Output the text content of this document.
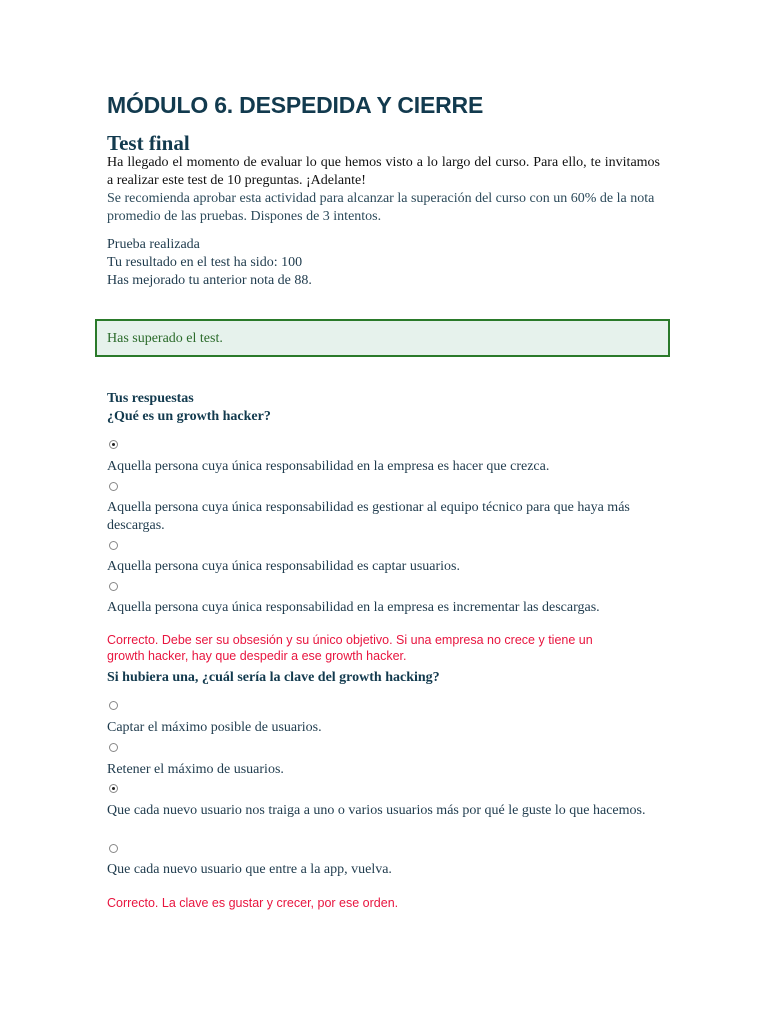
MÓDULO 6. DESPEDIDA Y CIERRE
Test final
Ha llegado el momento de evaluar lo que hemos visto a lo largo del curso. Para ello, te invitamos a realizar este test de 10 preguntas. ¡Adelante!
Se recomienda aprobar esta actividad para alcanzar la superación del curso con un 60% de la nota promedio de las pruebas. Dispones de 3 intentos.
Prueba realizada
Tu resultado en el test ha sido: 100
Has mejorado tu anterior nota de 88.
Tus respuestas
¿Qué es un growth hacker?
Aquella persona cuya única responsabilidad en la empresa es hacer que crezca.
Aquella persona cuya única responsabilidad es gestionar al equipo técnico para que haya más descargas.
Aquella persona cuya única responsabilidad es captar usuarios.
Aquella persona cuya única responsabilidad en la empresa es incrementar las descargas.
Correcto. Debe ser su obsesión y su único objetivo. Si una empresa no crece y tiene un growth hacker, hay que despedir a ese growth hacker.
Si hubiera una, ¿cuál sería la clave del growth hacking?
Captar el máximo posible de usuarios.
Retener el máximo de usuarios.
Que cada nuevo usuario nos traiga a uno o varios usuarios más por qué le guste lo que hacemos.
Que cada nuevo usuario que entre a la app, vuelva.
Correcto. La clave es gustar y crecer, por ese orden.
Has superado el test.
